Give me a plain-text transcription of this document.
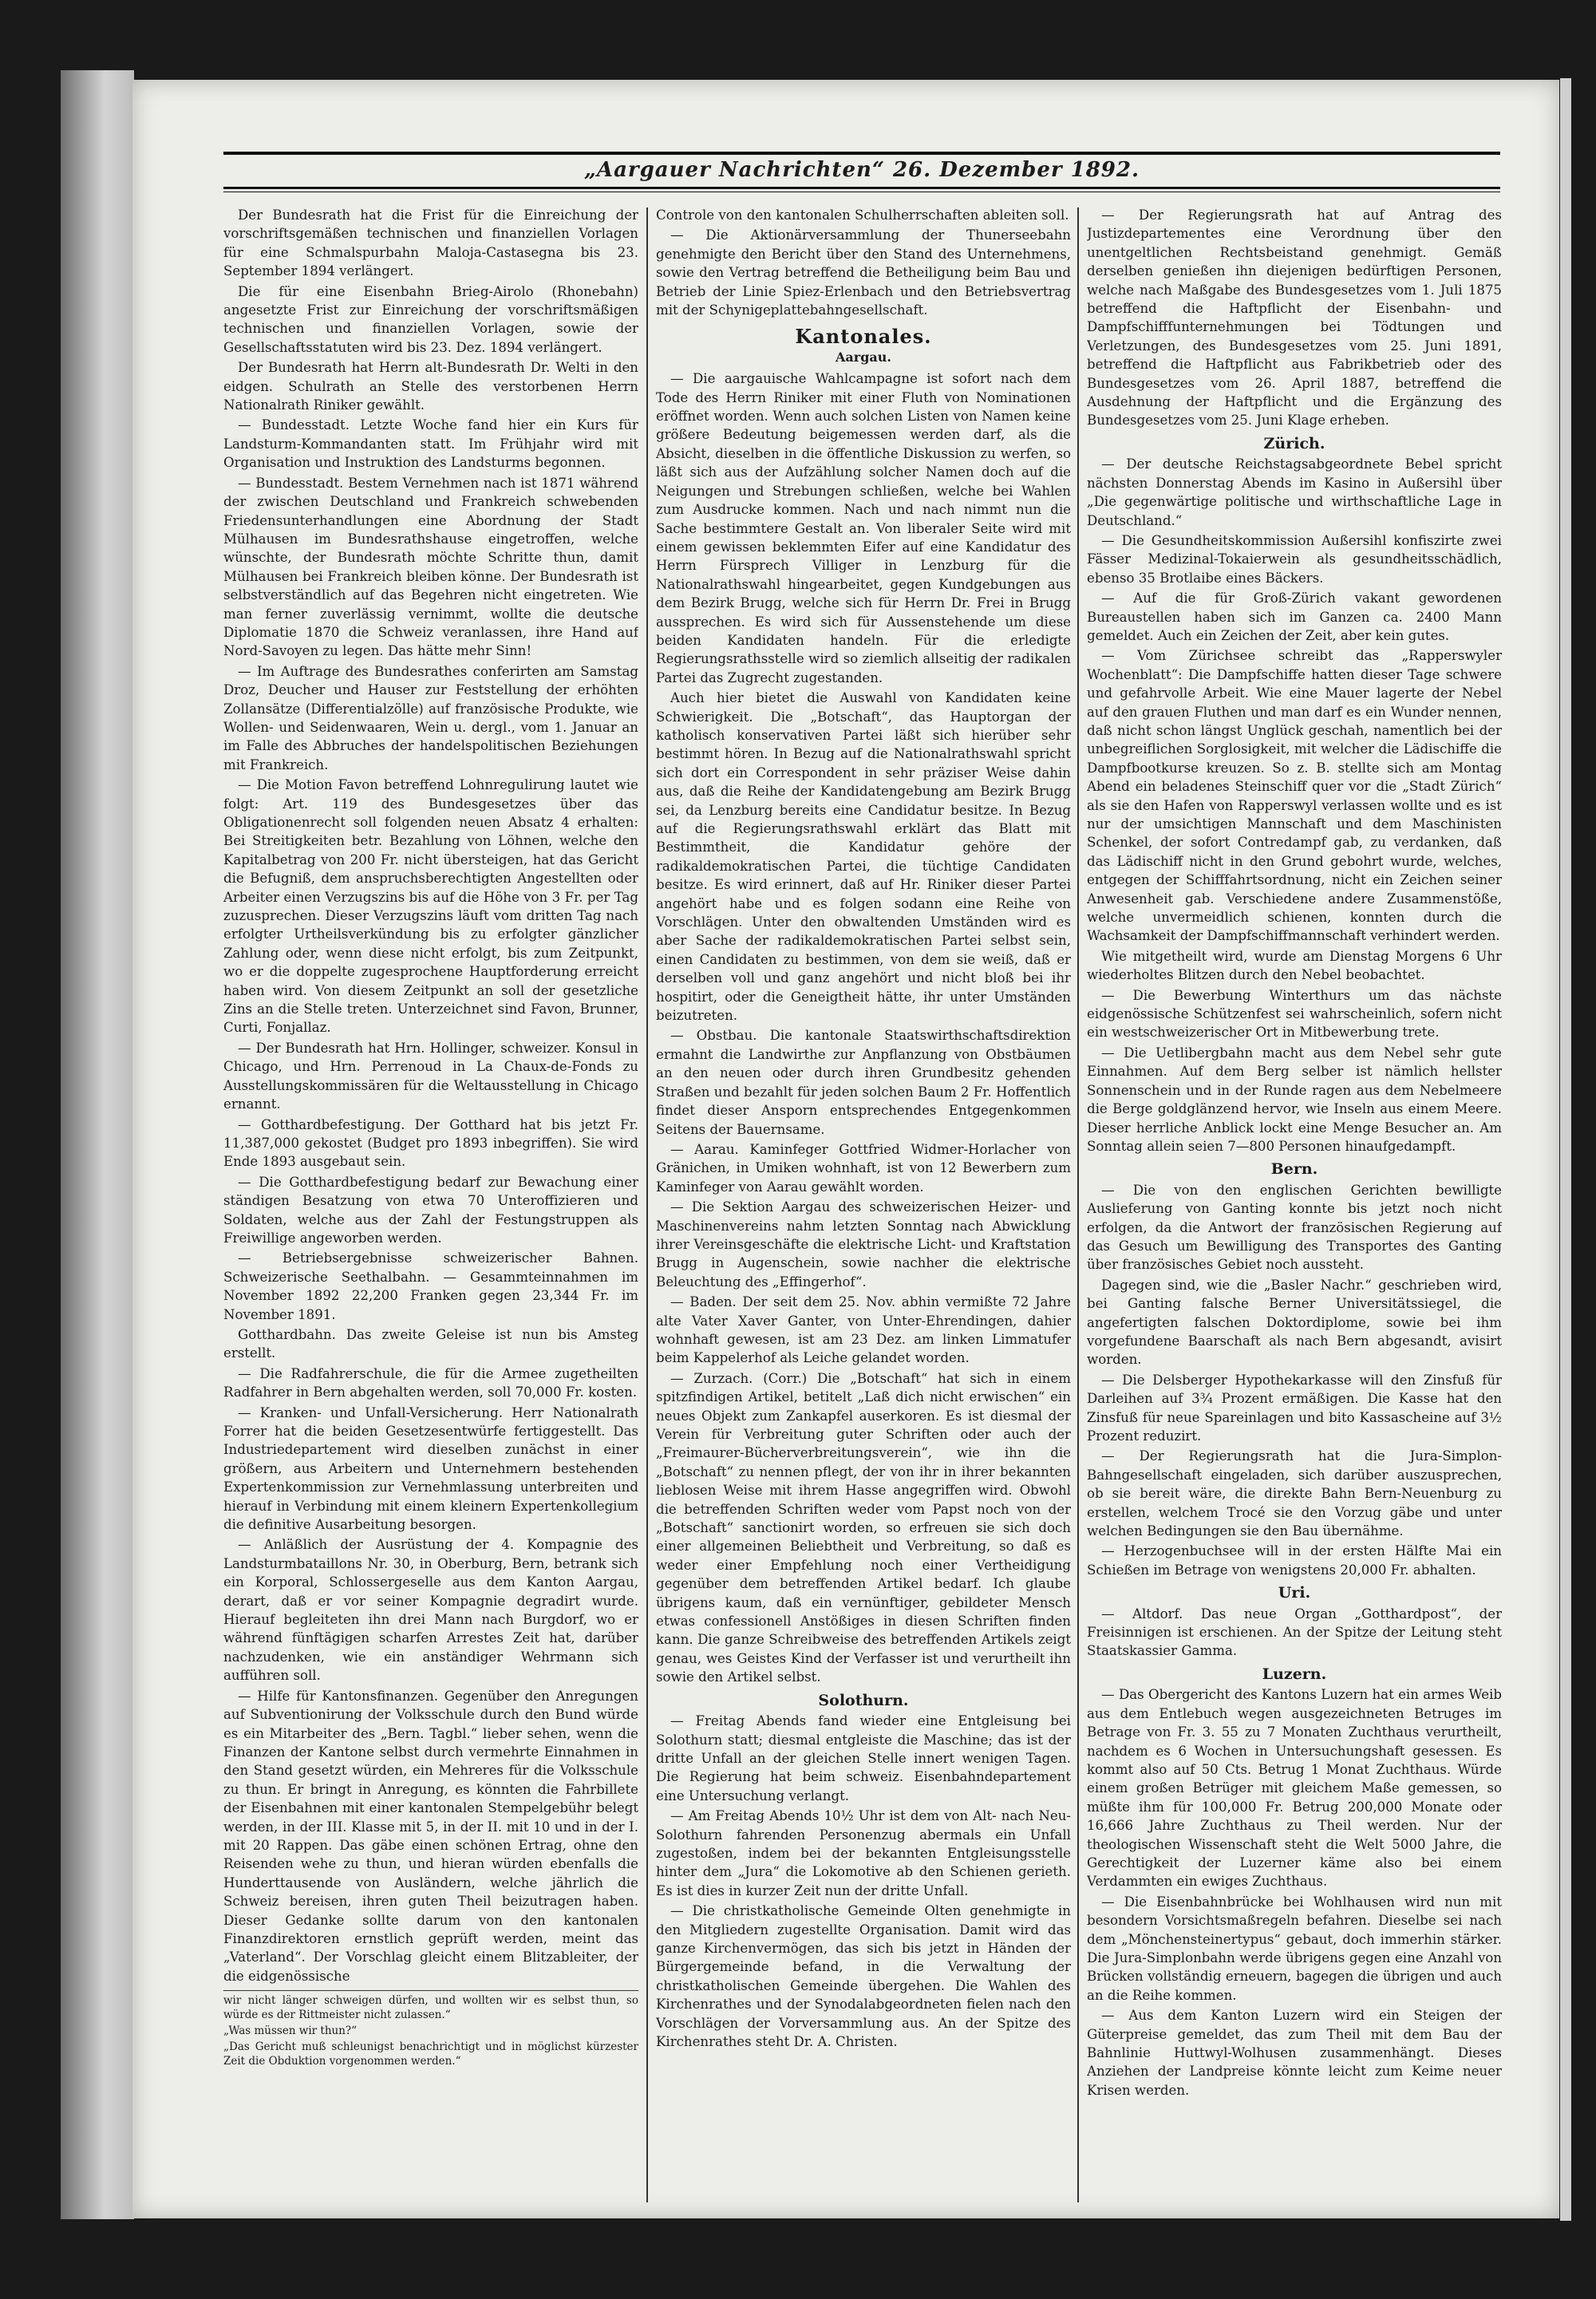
„Aargauer Nachrichten“ 26. Dezember 1892.

Der Bundesrath hat die Frist für die Einreichung der vorschriftsgemäßen technischen und finanziellen Vorlagen für eine Schmalspurbahn Maloja-Castasegna bis 23. September 1894 verlängert.

Die für eine Eisenbahn Brieg-Airolo (Rhonebahn) angesetzte Frist zur Einreichung der vorschriftsmäßigen technischen und finanziellen Vorlagen, sowie der Gesellschaftsstatuten wird bis 23. Dez. 1894 verlängert.

Der Bundesrath hat Herrn alt-Bundesrath Dr. Welti in den eidgen. Schulrath an Stelle des verstorbenen Herrn Nationalrath Riniker gewählt.

— Bundesstadt. Letzte Woche fand hier ein Kurs für Landsturm-Kommandanten statt. Im Frühjahr wird mit Organisation und Instruktion des Landsturms begonnen.

— Bundesstadt. Bestem Vernehmen nach ist 1871 während der zwischen Deutschland und Frankreich schwebenden Friedensunterhandlungen eine Abordnung der Stadt Mülhausen im Bundesrathshause eingetroffen, welche wünschte, der Bundesrath möchte Schritte thun, damit Mülhausen bei Frankreich bleiben könne. Der Bundesrath ist selbstverständlich auf das Begehren nicht eingetreten. Wie man ferner zuverlässig vernimmt, wollte die deutsche Diplomatie 1870 die Schweiz veranlassen, ihre Hand auf Nord-Savoyen zu legen. Das hätte mehr Sinn!

— Im Auftrage des Bundesrathes conferirten am Samstag Droz, Deucher und Hauser zur Feststellung der erhöhten Zollansätze (Differentialzölle) auf französische Produkte, wie Wollen- und Seidenwaaren, Wein u. dergl., vom 1. Januar an im Falle des Abbruches der handelspolitischen Beziehungen mit Frankreich.

— Die Motion Favon betreffend Lohnregulirung lautet wie folgt: Art. 119 des Bundesgesetzes über das Obligationenrecht soll folgenden neuen Absatz 4 erhalten: Bei Streitigkeiten betr. Bezahlung von Löhnen, welche den Kapitalbetrag von 200 Fr. nicht übersteigen, hat das Gericht die Befugniß, dem anspruchsberechtigten Angestellten oder Arbeiter einen Verzugszins bis auf die Höhe von 3 Fr. per Tag zuzusprechen. Dieser Verzugszins läuft vom dritten Tag nach erfolgter Urtheilsverkündung bis zu erfolgter gänzlicher Zahlung oder, wenn diese nicht erfolgt, bis zum Zeitpunkt, wo er die doppelte zugesprochene Hauptforderung erreicht haben wird. Von diesem Zeitpunkt an soll der gesetzliche Zins an die Stelle treten. Unterzeichnet sind Favon, Brunner, Curti, Fonjallaz.

— Der Bundesrath hat Hrn. Hollinger, schweizer. Konsul in Chicago, und Hrn. Perrenoud in La Chaux-de-Fonds zu Ausstellungskommissären für die Weltausstellung in Chicago ernannt.

— Gotthardbefestigung. Der Gotthard hat bis jetzt Fr. 11,387,000 gekostet (Budget pro 1893 inbegriffen). Sie wird Ende 1893 ausgebaut sein.

— Die Gotthardbefestigung bedarf zur Bewachung einer ständigen Besatzung von etwa 70 Unteroffizieren und Soldaten, welche aus der Zahl der Festungstruppen als Freiwillige angeworben werden.

— Betriebsergebnisse schweizerischer Bahnen. Schweizerische Seethalbahn. — Gesammteinnahmen im November 1892 22,200 Franken gegen 23,344 Fr. im November 1891.

Gotthardbahn. Das zweite Geleise ist nun bis Amsteg erstellt.

— Die Radfahrerschule, die für die Armee zugetheilten Radfahrer in Bern abgehalten werden, soll 70,000 Fr. kosten.

— Kranken- und Unfall-Versicherung. Herr Nationalrath Forrer hat die beiden Gesetzesentwürfe fertiggestellt. Das Industriedepartement wird dieselben zunächst in einer größern, aus Arbeitern und Unternehmern bestehenden Expertenkommission zur Vernehmlassung unterbreiten und hierauf in Verbindung mit einem kleinern Expertenkollegium die definitive Ausarbeitung besorgen.

— Anläßlich der Ausrüstung der 4. Kompagnie des Landsturmbataillons Nr. 30, in Oberburg, Bern, betrank sich ein Korporal, Schlossergeselle aus dem Kanton Aargau, derart, daß er vor seiner Kompagnie degradirt wurde. Hierauf begleiteten ihn drei Mann nach Burgdorf, wo er während fünftägigen scharfen Arrestes Zeit hat, darüber nachzudenken, wie ein anständiger Wehrmann sich aufführen soll.

— Hilfe für Kantonsfinanzen. Gegenüber den Anregungen auf Subventionirung der Volksschule durch den Bund würde es ein Mitarbeiter des „Bern. Tagbl.“ lieber sehen, wenn die Finanzen der Kantone selbst durch vermehrte Einnahmen in den Stand gesetzt würden, ein Mehreres für die Volksschule zu thun. Er bringt in Anregung, es könnten die Fahrbillete der Eisenbahnen mit einer kantonalen Stempelgebühr belegt werden, in der III. Klasse mit 5, in der II. mit 10 und in der I. mit 20 Rappen. Das gäbe einen schönen Ertrag, ohne den Reisenden wehe zu thun, und hieran würden ebenfalls die Hunderttausende von Ausländern, welche jährlich die Schweiz bereisen, ihren guten Theil beizutragen haben. Dieser Gedanke sollte darum von den kantonalen Finanzdirektoren ernstlich geprüft werden, meint das „Vaterland“. Der Vorschlag gleicht einem Blitzableiter, der die eidgenössische

wir nicht länger schweigen dürfen, und wollten wir es selbst thun, so würde es der Rittmeister nicht zulassen.“

„Was müssen wir thun?“

„Das Gericht muß schleunigst benachrichtigt und in möglichst kürzester Zeit die Obduktion vorgenommen werden.“

Controle von den kantonalen Schulherrschaften ableiten soll.

— Die Aktionärversammlung der Thunerseebahn genehmigte den Bericht über den Stand des Unternehmens, sowie den Vertrag betreffend die Betheiligung beim Bau und Betrieb der Linie Spiez-Erlenbach und den Betriebsvertrag mit der Schynigeplattebahngesellschaft.

Kantonales.
Aargau.

— Die aargauische Wahlcampagne ist sofort nach dem Tode des Herrn Riniker mit einer Fluth von Nominationen eröffnet worden. Wenn auch solchen Listen von Namen keine größere Bedeutung beigemessen werden darf, als die Absicht, dieselben in die öffentliche Diskussion zu werfen, so läßt sich aus der Aufzählung solcher Namen doch auf die Neigungen und Strebungen schließen, welche bei Wahlen zum Ausdrucke kommen. Nach und nach nimmt nun die Sache bestimmtere Gestalt an. Von liberaler Seite wird mit einem gewissen beklemmten Eifer auf eine Kandidatur des Herrn Fürsprech Villiger in Lenzburg für die Nationalrathswahl hingearbeitet, gegen Kundgebungen aus dem Bezirk Brugg, welche sich für Herrn Dr. Frei in Brugg aussprechen. Es wird sich für Aussenstehende um diese beiden Kandidaten handeln. Für die erledigte Regierungsrathsstelle wird so ziemlich allseitig der radikalen Partei das Zugrecht zugestanden.

Auch hier bietet die Auswahl von Kandidaten keine Schwierigkeit. Die „Botschaft“, das Hauptorgan der katholisch konservativen Partei läßt sich hierüber sehr bestimmt hören. In Bezug auf die Nationalrathswahl spricht sich dort ein Correspondent in sehr präziser Weise dahin aus, daß die Reihe der Kandidatengebung am Bezirk Brugg sei, da Lenzburg bereits eine Candidatur besitze. In Bezug auf die Regierungsrathswahl erklärt das Blatt mit Bestimmtheit, die Kandidatur gehöre der radikaldemokratischen Partei, die tüchtige Candidaten besitze. Es wird erinnert, daß auf Hr. Riniker dieser Partei angehört habe und es folgen sodann eine Reihe von Vorschlägen. Unter den obwaltenden Umständen wird es aber Sache der radikaldemokratischen Partei selbst sein, einen Candidaten zu bestimmen, von dem sie weiß, daß er derselben voll und ganz angehört und nicht bloß bei ihr hospitirt, oder die Geneigtheit hätte, ihr unter Umständen beizutreten.

— Obstbau. Die kantonale Staatswirthschaftsdirektion ermahnt die Landwirthe zur Anpflanzung von Obstbäumen an den neuen oder durch ihren Grundbesitz gehenden Straßen und bezahlt für jeden solchen Baum 2 Fr. Hoffentlich findet dieser Ansporn entsprechendes Entgegenkommen Seitens der Bauernsame.

— Aarau. Kaminfeger Gottfried Widmer-Horlacher von Gränichen, in Umiken wohnhaft, ist von 12 Bewerbern zum Kaminfeger von Aarau gewählt worden.

— Die Sektion Aargau des schweizerischen Heizer- und Maschinenvereins nahm letzten Sonntag nach Abwicklung ihrer Vereinsgeschäfte die elektrische Licht- und Kraftstation Brugg in Augenschein, sowie nachher die elektrische Beleuchtung des „Effingerhof“.

— Baden. Der seit dem 25. Nov. abhin vermißte 72 Jahre alte Vater Xaver Ganter, von Unter-Ehrendingen, dahier wohnhaft gewesen, ist am 23 Dez. am linken Limmatufer beim Kappelerhof als Leiche gelandet worden.

— Zurzach. (Corr.) Die „Botschaft“ hat sich in einem spitzfindigen Artikel, betitelt „Laß dich nicht erwischen“ ein neues Objekt zum Zankapfel auserkoren. Es ist diesmal der Verein für Verbreitung guter Schriften oder auch der „Freimaurer-Bücherverbreitungsverein“, wie ihn die „Botschaft“ zu nennen pflegt, der von ihr in ihrer bekannten lieblosen Weise mit ihrem Hasse angegriffen wird. Obwohl die betreffenden Schriften weder vom Papst noch von der „Botschaft“ sanctionirt worden, so erfreuen sie sich doch einer allgemeinen Beliebtheit und Verbreitung, so daß es weder einer Empfehlung noch einer Vertheidigung gegenüber dem betreffenden Artikel bedarf. Ich glaube übrigens kaum, daß ein vernünftiger, gebildeter Mensch etwas confessionell Anstößiges in diesen Schriften finden kann. Die ganze Schreibweise des betreffenden Artikels zeigt genau, wes Geistes Kind der Verfasser ist und verurtheilt ihn sowie den Artikel selbst.

Solothurn.

— Freitag Abends fand wieder eine Entgleisung bei Solothurn statt; diesmal entgleiste die Maschine; das ist der dritte Unfall an der gleichen Stelle innert wenigen Tagen. Die Regierung hat beim schweiz. Eisenbahndepartement eine Untersuchung verlangt.

— Am Freitag Abends 10½ Uhr ist dem von Alt- nach Neu-Solothurn fahrenden Personenzug abermals ein Unfall zugestoßen, indem bei der bekannten Entgleisungsstelle hinter dem „Jura“ die Lokomotive ab den Schienen gerieth. Es ist dies in kurzer Zeit nun der dritte Unfall.

— Die christkatholische Gemeinde Olten genehmigte in den Mitgliedern zugestellte Organisation. Damit wird das ganze Kirchenvermögen, das sich bis jetzt in Händen der Bürgergemeinde befand, in die Verwaltung der christkatholischen Gemeinde übergehen. Die Wahlen des Kirchenrathes und der Synodalabgeordneten fielen nach den Vorschlägen der Vorversammlung aus. An der Spitze des Kirchenrathes steht Dr. A. Christen.

— Der Regierungsrath hat auf Antrag des Justizdepartementes eine Verordnung über den unentgeltlichen Rechtsbeistand genehmigt. Gemäß derselben genießen ihn diejenigen bedürftigen Personen, welche nach Maßgabe des Bundesgesetzes vom 1. Juli 1875 betreffend die Haftpflicht der Eisenbahn- und Dampfschifffunternehmungen bei Tödtungen und Verletzungen, des Bundesgesetzes vom 25. Juni 1891, betreffend die Haftpflicht aus Fabrikbetrieb oder des Bundesgesetzes vom 26. April 1887, betreffend die Ausdehnung der Haftpflicht und die Ergänzung des Bundesgesetzes vom 25. Juni Klage erheben.

Zürich.

— Der deutsche Reichstagsabgeordnete Bebel spricht nächsten Donnerstag Abends im Kasino in Außersihl über „Die gegenwärtige politische und wirthschaftliche Lage in Deutschland.“

— Die Gesundheitskommission Außersihl konfiszirte zwei Fässer Medizinal-Tokaierwein als gesundheitsschädlich, ebenso 35 Brotlaibe eines Bäckers.

— Auf die für Groß-Zürich vakant gewordenen Bureaustellen haben sich im Ganzen ca. 2400 Mann gemeldet. Auch ein Zeichen der Zeit, aber kein gutes.

— Vom Zürichsee schreibt das „Rapperswyler Wochenblatt“: Die Dampfschiffe hatten dieser Tage schwere und gefahrvolle Arbeit. Wie eine Mauer lagerte der Nebel auf den grauen Fluthen und man darf es ein Wunder nennen, daß nicht schon längst Unglück geschah, namentlich bei der unbegreiflichen Sorglosigkeit, mit welcher die Lädischiffe die Dampfbootkurse kreuzen. So z. B. stellte sich am Montag Abend ein beladenes Steinschiff quer vor die „Stadt Zürich“ als sie den Hafen von Rapperswyl verlassen wollte und es ist nur der umsichtigen Mannschaft und dem Maschinisten Schenkel, der sofort Contredampf gab, zu verdanken, daß das Lädischiff nicht in den Grund gebohrt wurde, welches, entgegen der Schifffahrtsordnung, nicht ein Zeichen seiner Anwesenheit gab. Verschiedene andere Zusammenstöße, welche unvermeidlich schienen, konnten durch die Wachsamkeit der Dampfschiffmannschaft verhindert werden.

Wie mitgetheilt wird, wurde am Dienstag Morgens 6 Uhr wiederholtes Blitzen durch den Nebel beobachtet.

— Die Bewerbung Winterthurs um das nächste eidgenössische Schützenfest sei wahrscheinlich, sofern nicht ein westschweizerischer Ort in Mitbewerbung trete.

— Die Uetlibergbahn macht aus dem Nebel sehr gute Einnahmen. Auf dem Berg selber ist nämlich hellster Sonnenschein und in der Runde ragen aus dem Nebelmeere die Berge goldglänzend hervor, wie Inseln aus einem Meere. Dieser herrliche Anblick lockt eine Menge Besucher an. Am Sonntag allein seien 7—800 Personen hinaufgedampft.

Bern.

— Die von den englischen Gerichten bewilligte Auslieferung von Ganting konnte bis jetzt noch nicht erfolgen, da die Antwort der französischen Regierung auf das Gesuch um Bewilligung des Transportes des Ganting über französisches Gebiet noch aussteht.

Dagegen sind, wie die „Basler Nachr.“ geschrieben wird, bei Ganting falsche Berner Universitätssiegel, die angefertigten falschen Doktordiplome, sowie bei ihm vorgefundene Baarschaft als nach Bern abgesandt, avisirt worden.

— Die Delsberger Hypothekarkasse will den Zinsfuß für Darleihen auf 3¾ Prozent ermäßigen. Die Kasse hat den Zinsfuß für neue Spareinlagen und bito Kassascheine auf 3½ Prozent reduzirt.

— Der Regierungsrath hat die Jura-Simplon-Bahngesellschaft eingeladen, sich darüber auszusprechen, ob sie bereit wäre, die direkte Bahn Bern-Neuenburg zu erstellen, welchem Trocé sie den Vorzug gäbe und unter welchen Bedingungen sie den Bau übernähme.

— Herzogenbuchsee will in der ersten Hälfte Mai ein Schießen im Betrage von wenigstens 20,000 Fr. abhalten.

Uri.

— Altdorf. Das neue Organ „Gotthardpost“, der Freisinnigen ist erschienen. An der Spitze der Leitung steht Staatskassier Gamma.

Luzern.

— Das Obergericht des Kantons Luzern hat ein armes Weib aus dem Entlebuch wegen ausgezeichneten Betruges im Betrage von Fr. 3. 55 zu 7 Monaten Zuchthaus verurtheilt, nachdem es 6 Wochen in Untersuchungshaft gesessen. Es kommt also auf 50 Cts. Betrug 1 Monat Zuchthaus. Würde einem großen Betrüger mit gleichem Maße gemessen, so müßte ihm für 100,000 Fr. Betrug 200,000 Monate oder 16,666 Jahre Zuchthaus zu Theil werden. Nur der theologischen Wissenschaft steht die Welt 5000 Jahre, die Gerechtigkeit der Luzerner käme also bei einem Verdammten ein ewiges Zuchthaus.

— Die Eisenbahnbrücke bei Wohlhausen wird nun mit besondern Vorsichtsmaßregeln befahren. Dieselbe sei nach dem „Mönchensteinertypus“ gebaut, doch immerhin stärker. Die Jura-Simplonbahn werde übrigens gegen eine Anzahl von Brücken vollständig erneuern, bagegen die übrigen und auch an die Reihe kommen.

— Aus dem Kanton Luzern wird ein Steigen der Güterpreise gemeldet, das zum Theil mit dem Bau der Bahnlinie Huttwyl-Wolhusen zusammenhängt. Dieses Anziehen der Landpreise könnte leicht zum Keime neuer Krisen werden.
